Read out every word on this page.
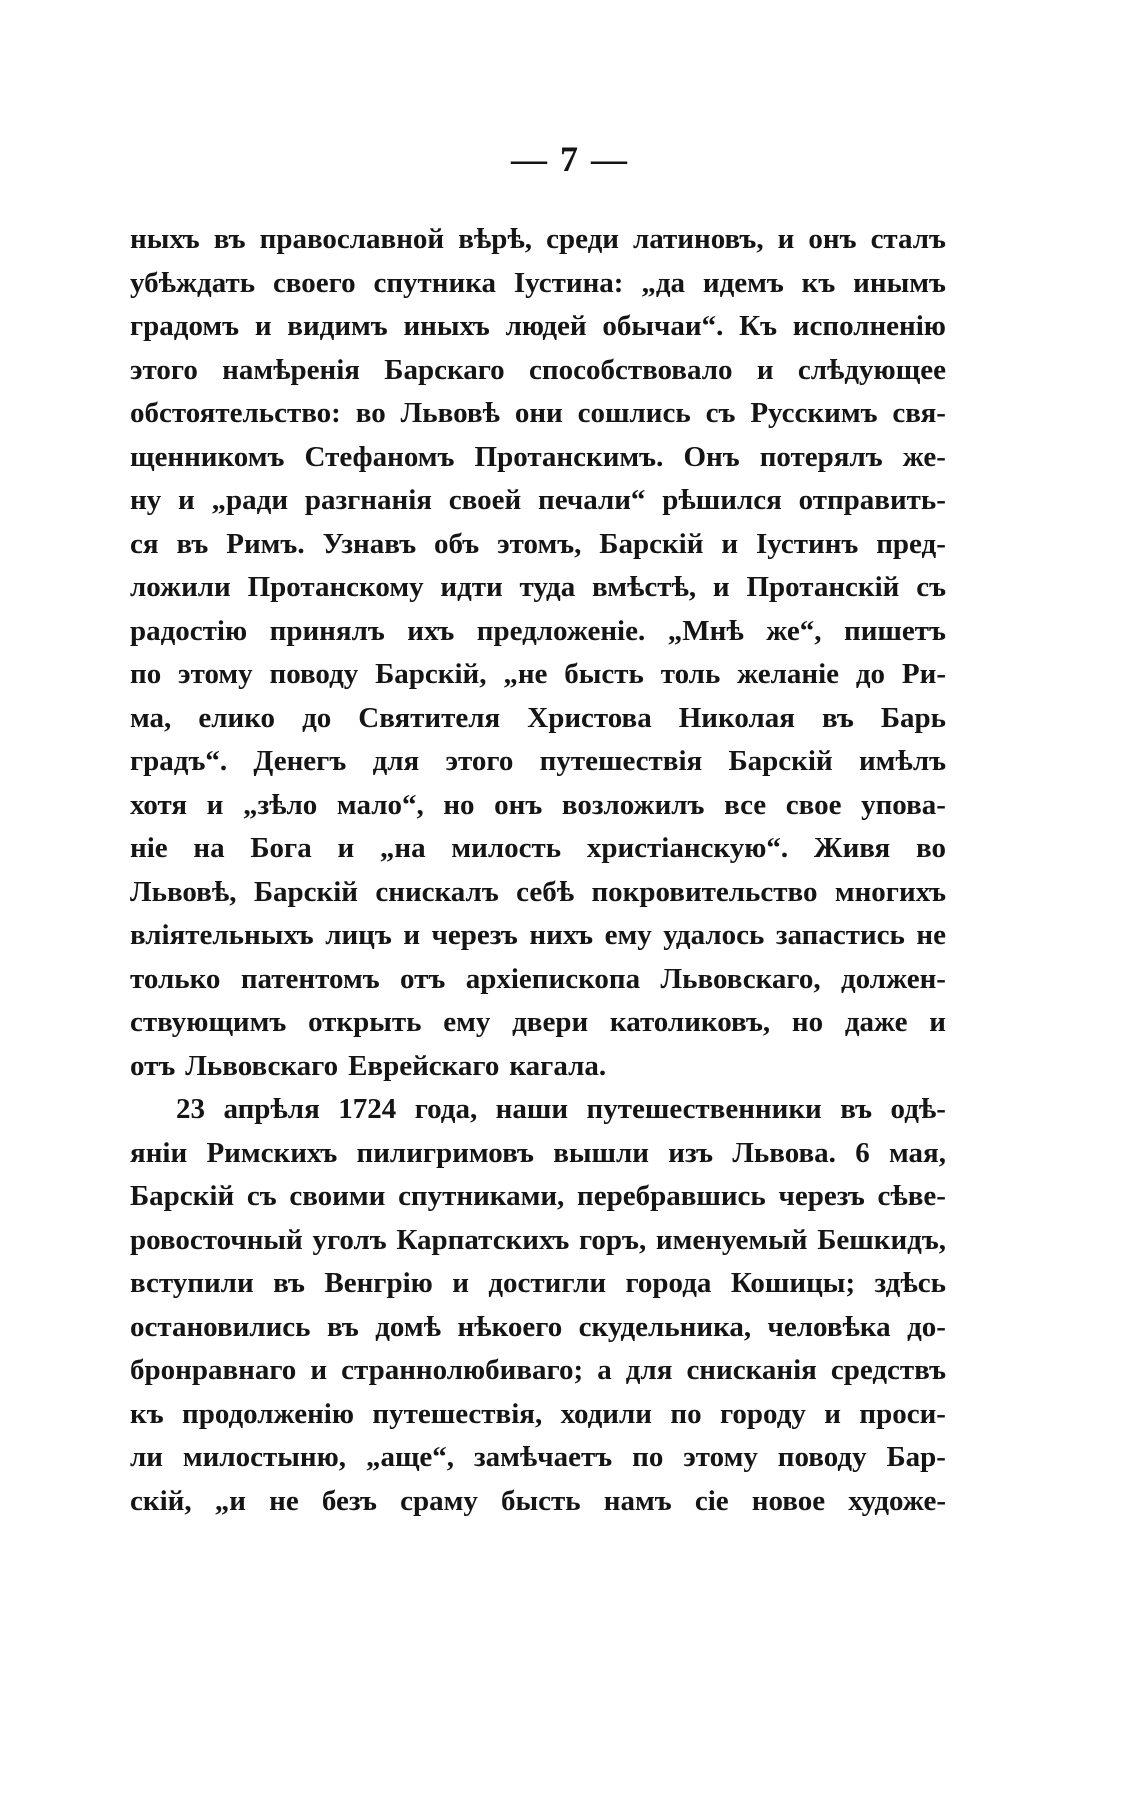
— 7 —
ныхъ въ православной вѣрѣ, среди латиновъ, и онъ сталъ
убѣждать своего спутника Іустина: „да идемъ къ инымъ
градомъ и видимъ иныхъ людей обычаи“. Къ исполненію
этого намѣренія Барскаго способствовало и слѣдующее
обстоятельство: во Львовѣ они сошлись съ Русскимъ свя-
щенникомъ Стефаномъ Протанскимъ. Онъ потерялъ же-
ну и „ради разгнанія своей печали“ рѣшился отправить-
ся въ Римъ. Узнавъ объ этомъ, Барскій и Іустинъ пред-
ложили Протанскому идти туда вмѣстѣ, и Протанскій съ
радостію принялъ ихъ предложеніе. „Мнѣ же“, пишетъ
по этому поводу Барскій, „не бысть толь желаніе до Ри-
ма, елико до Святителя Христова Николая въ Барь
градъ“. Денегъ для этого путешествія Барскій имѣлъ
хотя и „зѣло мало“, но онъ возложилъ все свое упова-
ніе на Бога и „на милость христіанскую“. Живя во
Львовѣ, Барскій снискалъ себѣ покровительство многихъ
вліятельныхъ лицъ и черезъ нихъ ему удалось запастись не
только патентомъ отъ архіепископа Львовскаго, должен-
ствующимъ открыть ему двери католиковъ, но даже и
отъ Львовскаго Еврейскаго кагала.
23 апрѣля 1724 года, наши путешественники въ одѣ-
яніи Римскихъ пилигримовъ вышли изъ Львова. 6 мая,
Барскій съ своими спутниками, перебравшись черезъ сѣве-
ровосточный уголъ Карпатскихъ горъ, именуемый Бешкидъ,
вступили въ Венгрію и достигли города Кошицы; здѣсь
остановились въ домѣ нѣкоего скудельника, человѣка до-
бронравнаго и страннолюбиваго; а для снисканія средствъ
къ продолженію путешествія, ходили по городу и проси-
ли милостыню, „аще“, замѣчаетъ по этому поводу Бар-
скій, „и не безъ сраму бысть намъ сіе новое художе-
